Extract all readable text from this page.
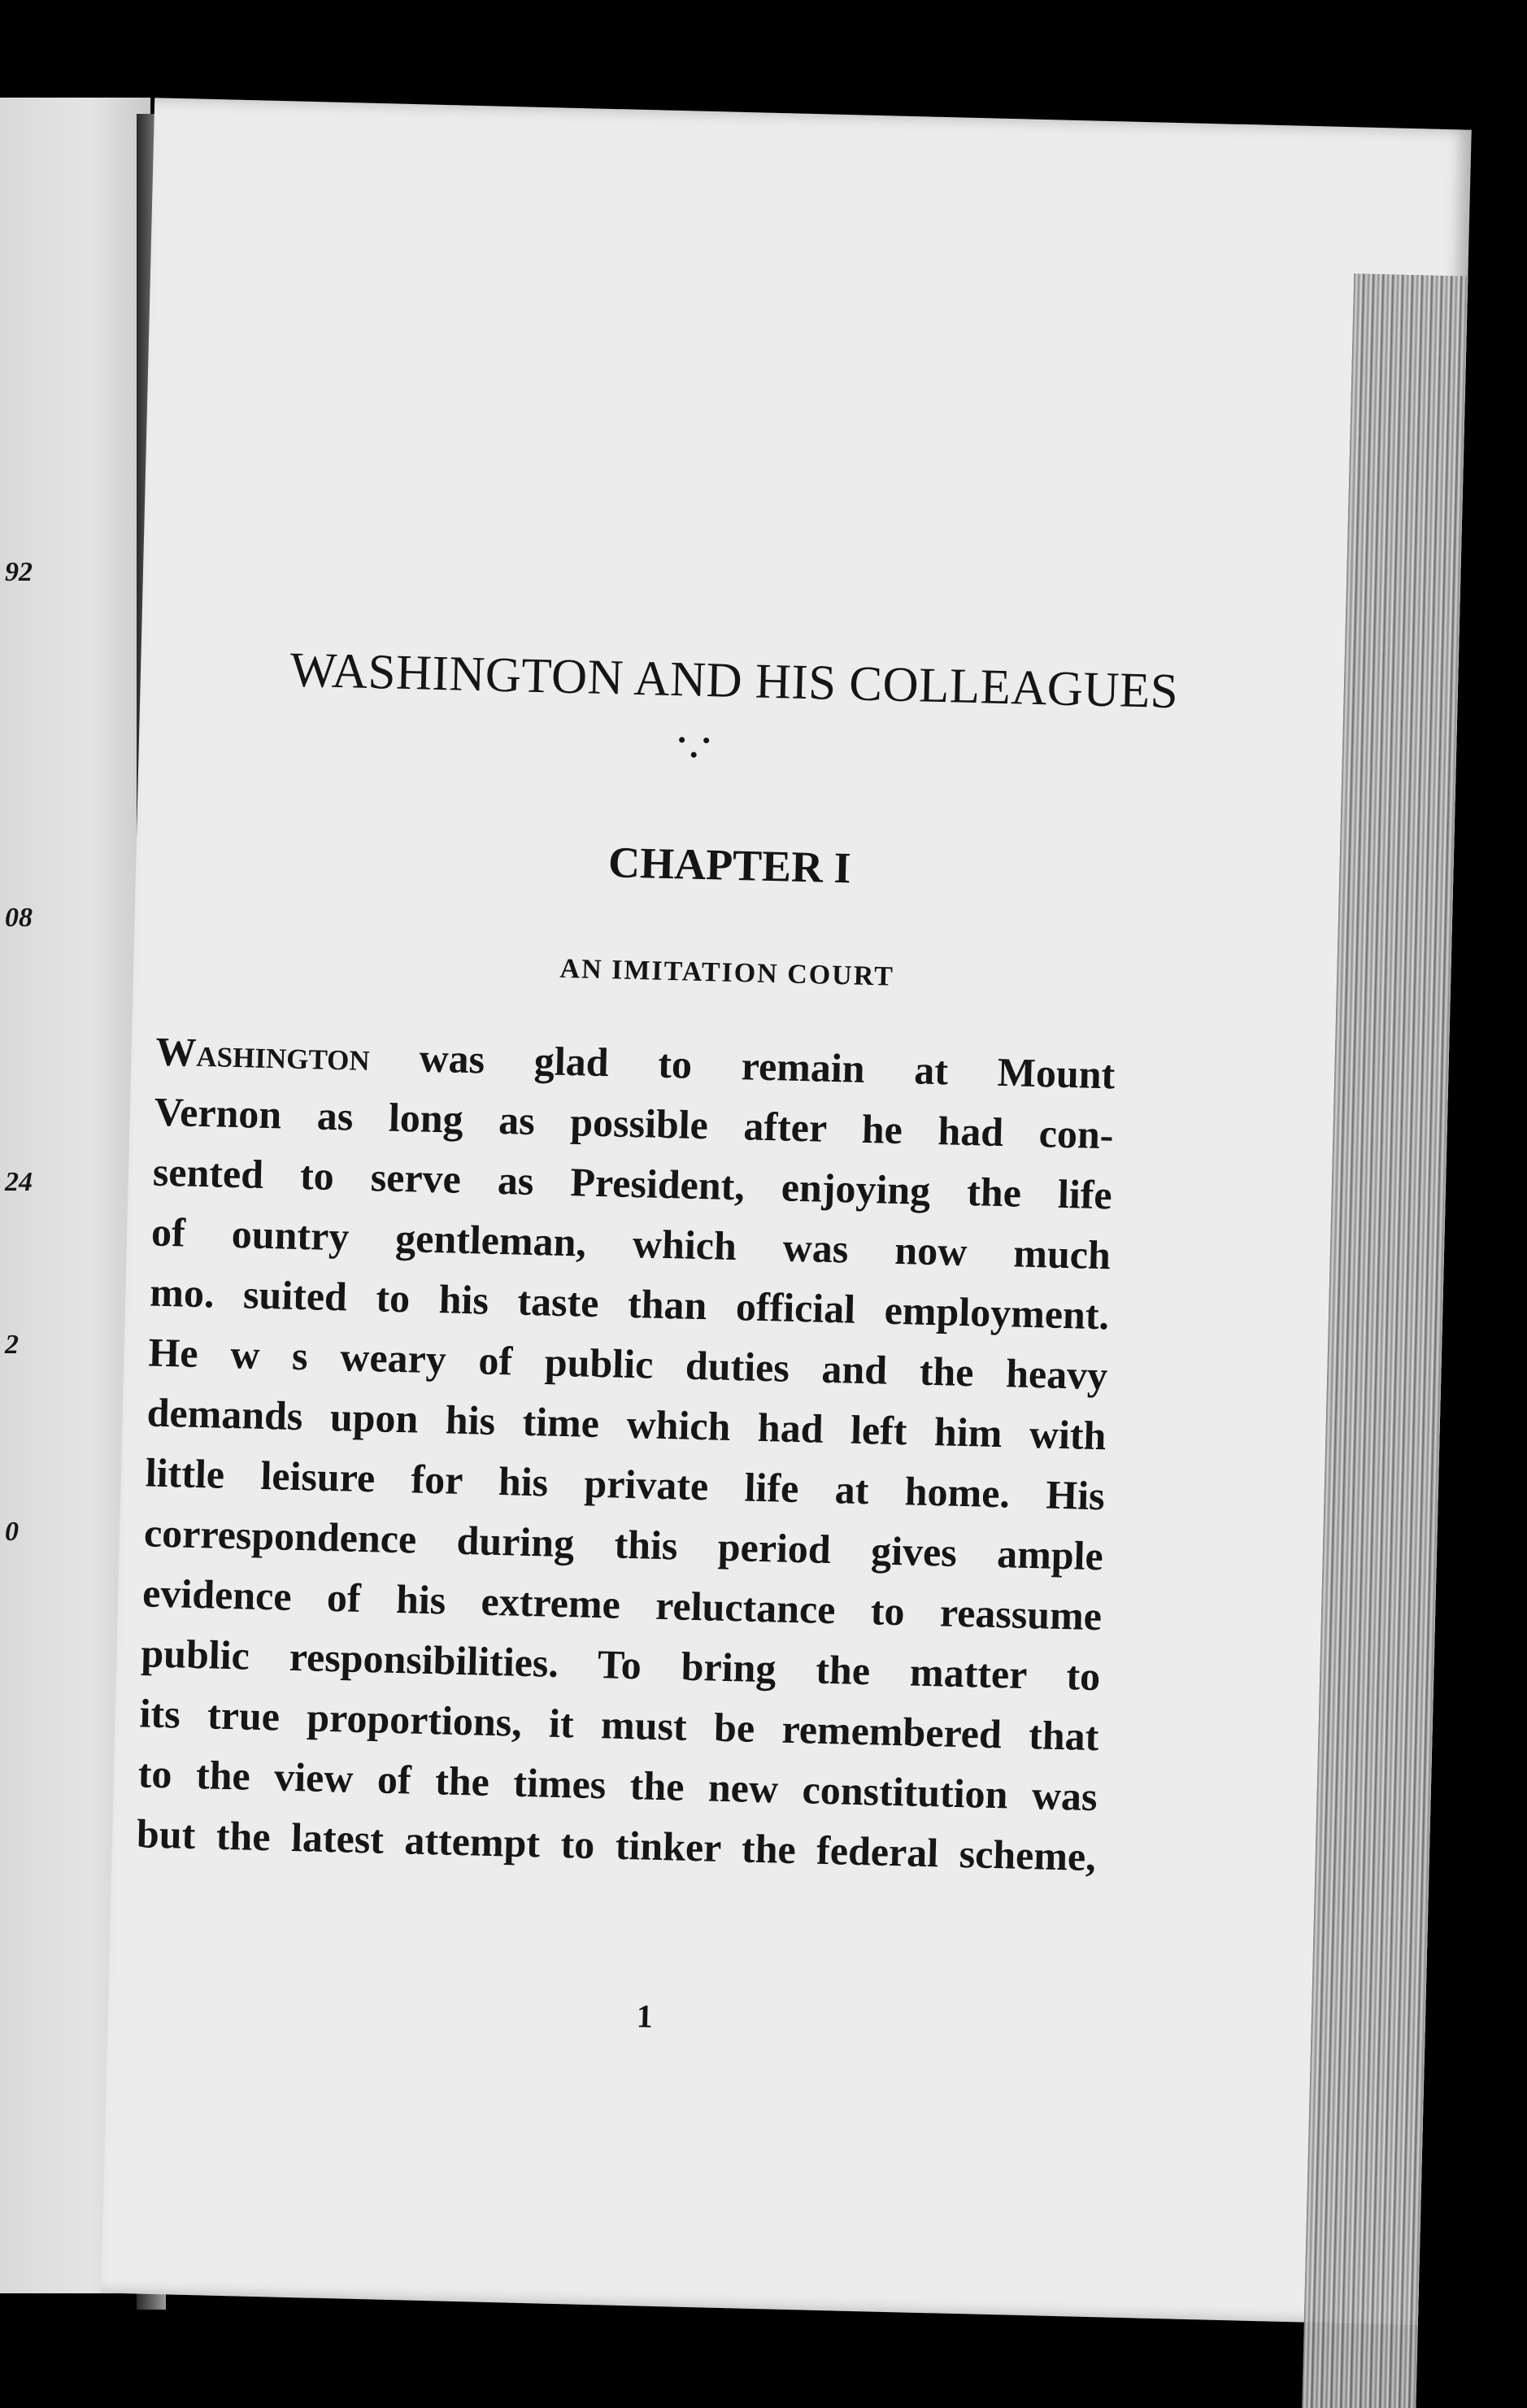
92

08

24

2

0

WASHINGTON AND HIS COLLEAGUES
CHAPTER I
AN IMITATION COURT
Washington was glad to remain at Mount
Vernon as long as possible after he had con-
sented to serve as President, enjoying the life
of ountry gentleman, which was now much
mo. suited to his taste than official employment.
He w s weary of public duties and the heavy
demands upon his time which had left him with
little leisure for his private life at home. His
correspondence during this period gives ample
evidence of his extreme reluctance to reassume
public responsibilities. To bring the matter to
its true proportions, it must be remembered that
to the view of the times the new constitution was
but the latest attempt to tinker the federal scheme,

1
